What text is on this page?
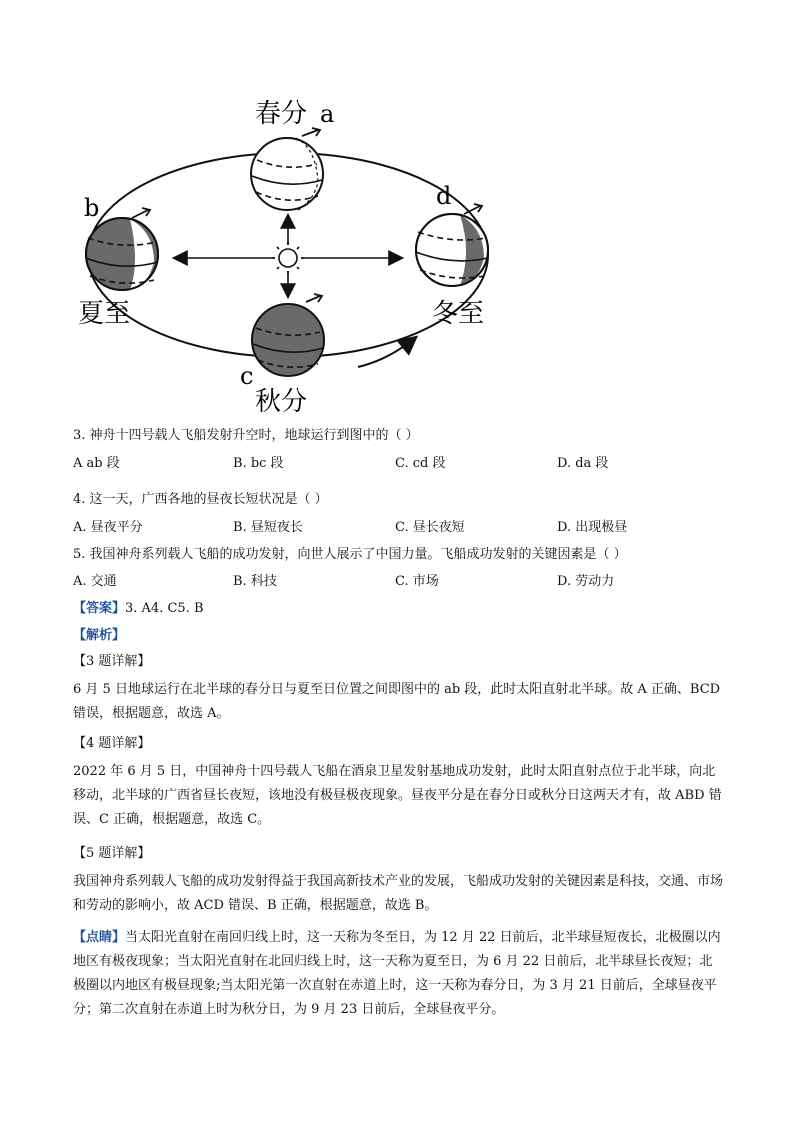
春分 a
b
夏至
c
秋分
d
冬至
3. 神舟十四号载人飞船发射升空时，地球运行到图中的（ ）
A ab 段	B. bc 段	C. cd 段	D. da 段
4. 这一天，广西各地的昼夜长短状况是（ ）
A. 昼夜平分	B. 昼短夜长	C. 昼长夜短	D. 出现极昼
5. 我国神舟系列载人飞船的成功发射，向世人展示了中国力量。飞船成功发射的关键因素是（ ）
A. 交通	B. 科技	C. 市场	D. 劳动力
【答案】3. A4. C5. B
【解析】
【3 题详解】
6 月 5 日地球运行在北半球的春分日与夏至日位置之间即图中的 ab 段，此时太阳直射北半球。故 A 正确、BCD 错误，根据题意，故选 A。
【4 题详解】
2022 年 6 月 5 日，中国神舟十四号载人飞船在酒泉卫星发射基地成功发射，此时太阳直射点位于北半球，向北移动，北半球的广西省昼长夜短，该地没有极昼极夜现象。昼夜平分是在春分日或秋分日这两天才有，故 ABD 错误、C 正确，根据题意，故选 C。
【5 题详解】
我国神舟系列载人飞船的成功发射得益于我国高新技术产业的发展，飞船成功发射的关键因素是科技，交通、市场和劳动的影响小，故 ACD 错误、B 正确，根据题意，故选 B。
【点睛】当太阳光直射在南回归线上时，这一天称为冬至日，为 12 月 22 日前后，北半球昼短夜长，北极圈以内地区有极夜现象；当太阳光直射在北回归线上时，这一天称为夏至日，为 6 月 22 日前后，北半球昼长夜短；北极圈以内地区有极昼现象;当太阳光第一次直射在赤道上时，这一天称为春分日，为 3 月 21 日前后，全球昼夜平分；第二次直射在赤道上时为秋分日，为 9 月 23 日前后，全球昼夜平分。
